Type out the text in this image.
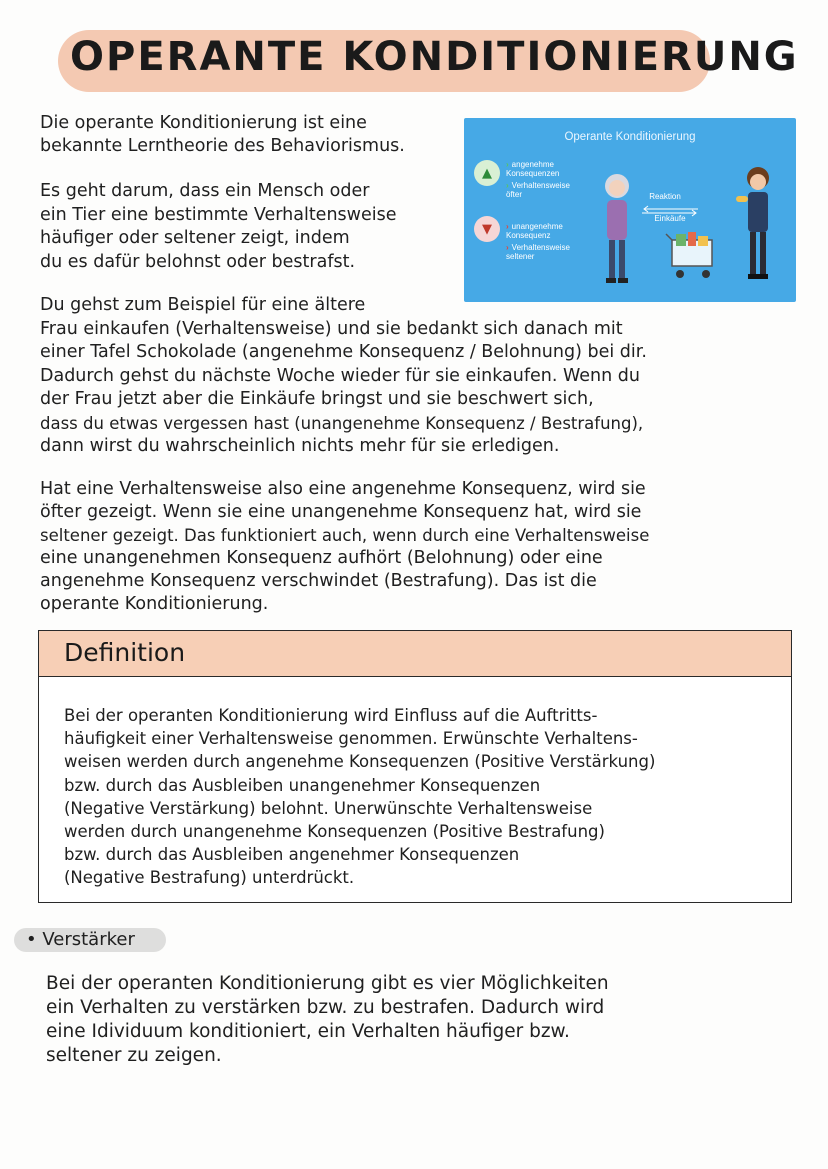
OPERANTE KONDITIONIERUNG

Die operante Konditionierung ist eine

bekannte Lerntheorie des Behaviorismus.

Es geht darum, dass ein Mensch oder

ein Tier eine bestimmte Verhaltensweise

häufiger oder seltener zeigt, indem

du es dafür belohnst oder bestrafst.

Operante Konditionierung
▲
› angenehme Konsequenzen
› Verhaltensweise öfter
▼	› unangenehme Konsequenz
› Verhaltensweise seltener
Reaktion
Einkäufe

Du gehst zum Beispiel für eine ältere

Frau einkaufen (Verhaltensweise) und sie bedankt sich danach mit

einer Tafel Schokolade (angenehme Konsequenz / Belohnung) bei dir.

Dadurch gehst du nächste Woche wieder für sie einkaufen. Wenn du

der Frau jetzt aber die Einkäufe bringst und sie beschwert sich,

dass du etwas vergessen hast (unangenehme Konsequenz / Bestrafung),

dann wirst du wahrscheinlich nichts mehr für sie erledigen.

Hat eine Verhaltensweise also eine angenehme Konsequenz, wird sie

öfter gezeigt. Wenn sie eine unangenehme Konsequenz hat, wird sie

seltener gezeigt. Das funktioniert auch, wenn durch eine Verhaltensweise

eine unangenehmen Konsequenz aufhört (Belohnung) oder eine

angenehme Konsequenz verschwindet (Bestrafung). Das ist die

operante Konditionierung.

Definition

Bei der operanten Konditionierung wird Einfluss auf die Auftritts-

häufigkeit einer Verhaltensweise genommen. Erwünschte Verhaltens-

weisen werden durch angenehme Konsequenzen (Positive Verstärkung)

bzw. durch das Ausbleiben unangenehmer Konsequenzen

(Negative Verstärkung) belohnt. Unerwünschte Verhaltensweise

werden durch unangenehme Konsequenzen (Positive Bestrafung)

bzw. durch das Ausbleiben angenehmer Konsequenzen

(Negative Bestrafung) unterdrückt.

• Verstärker

Bei der operanten Konditionierung gibt es vier Möglichkeiten

ein Verhalten zu verstärken bzw. zu bestrafen. Dadurch wird

eine Idividuum konditioniert, ein Verhalten häufiger bzw.

seltener zu zeigen.
